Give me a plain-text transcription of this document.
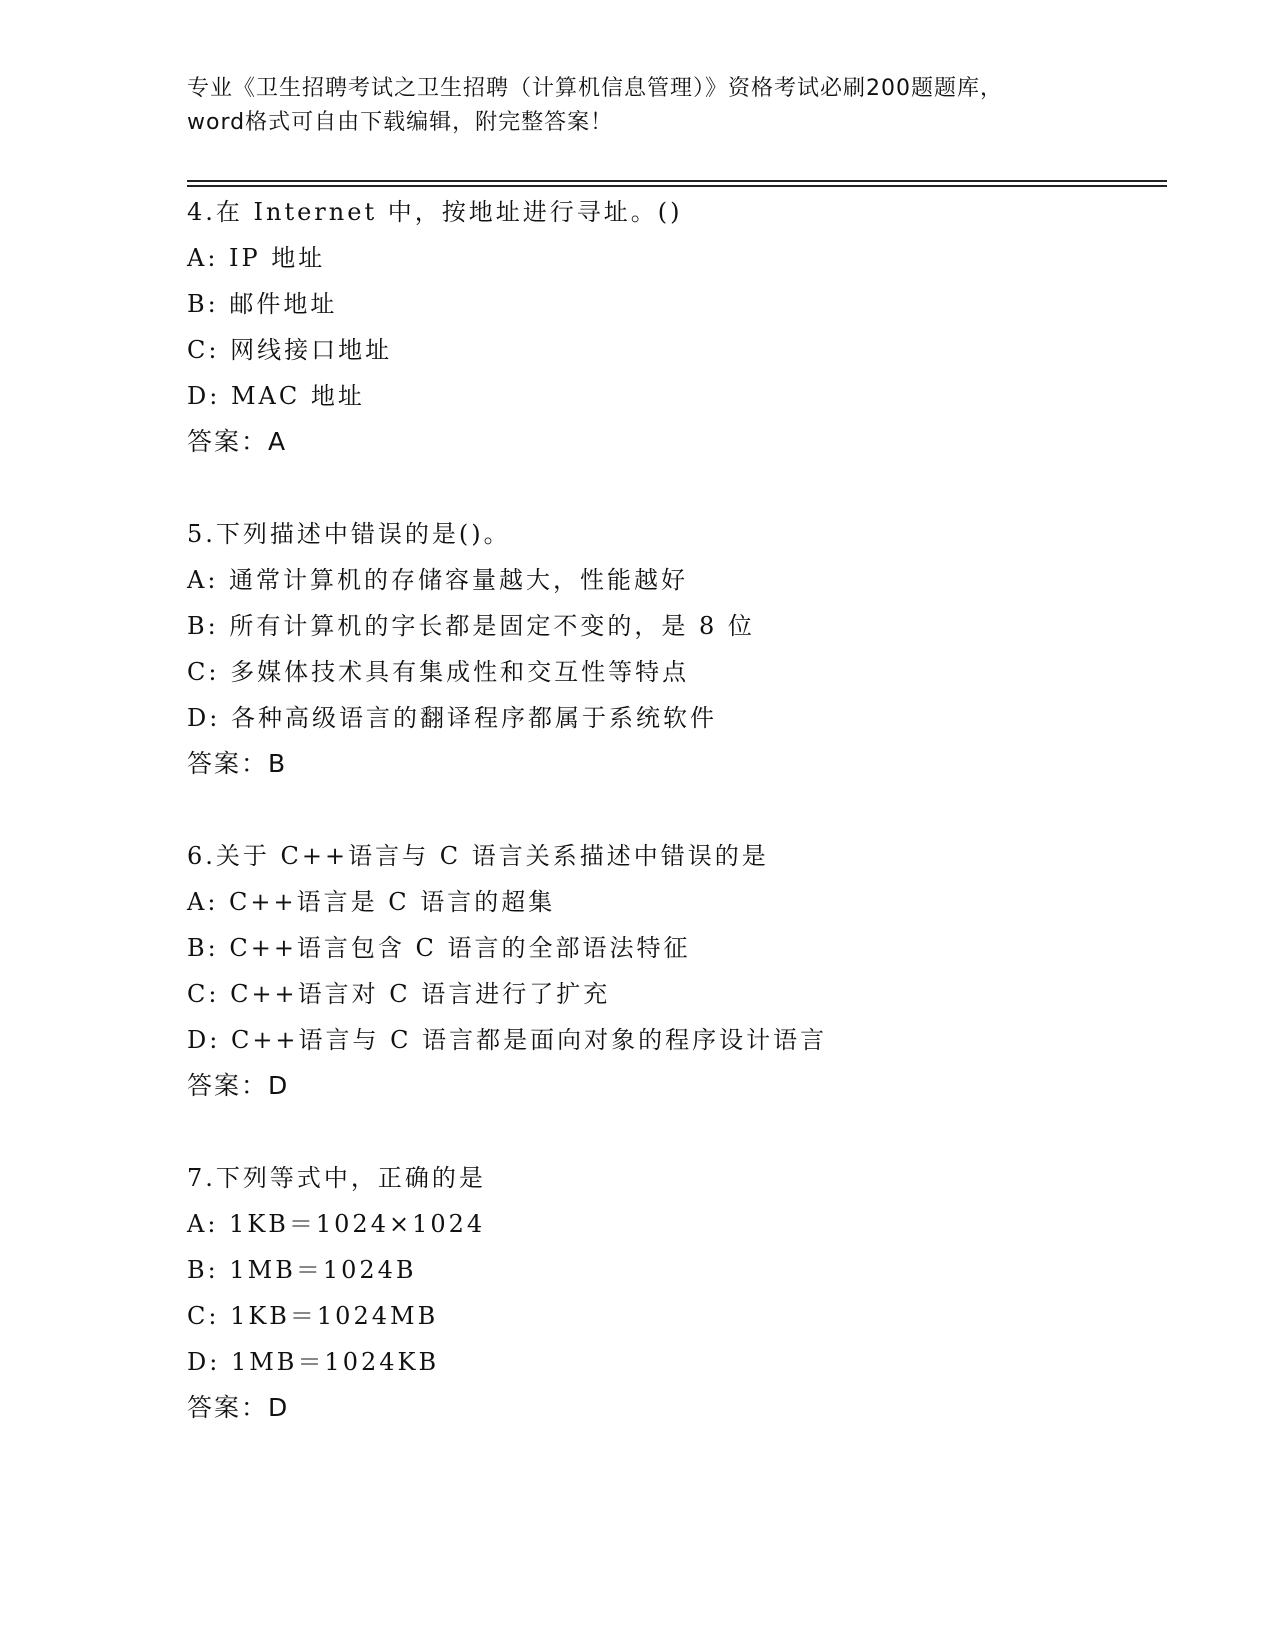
专业《卫生招聘考试之卫生招聘（计算机信息管理）》资格考试必刷200题题库，

word格式可自由下载编辑，附完整答案！

4.在 Internet 中，按地址进行寻址。()
A: IP 地址
B: 邮件地址
C: 网线接口地址
D: MAC 地址
答案：A
5.下列描述中错误的是()。
A: 通常计算机的存储容量越大，性能越好
B: 所有计算机的字长都是固定不变的，是 8 位
C: 多媒体技术具有集成性和交互性等特点
D: 各种高级语言的翻译程序都属于系统软件
答案：B
6.关于 C++语言与 C 语言关系描述中错误的是
A: C++语言是 C 语言的超集
B: C++语言包含 C 语言的全部语法特征
C: C++语言对 C 语言进行了扩充
D: C++语言与 C 语言都是面向对象的程序设计语言
答案：D
7.下列等式中，正确的是
A: 1KB＝1024×1024
B: 1MB＝1024B
C: 1KB＝1024MB
D: 1MB＝1024KB
答案：D
